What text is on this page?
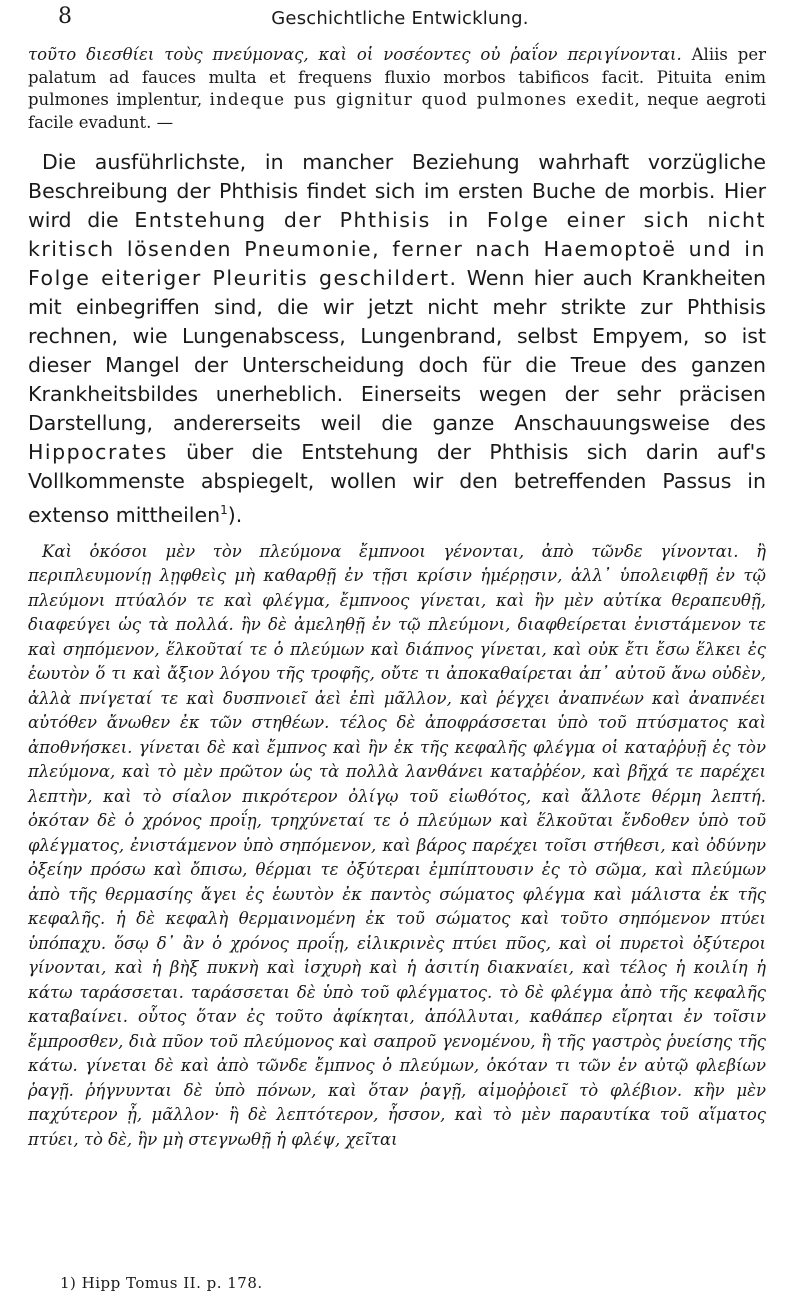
8	Geschichtliche Entwicklung.

τοῦτο διεσθίει τοὺς πνεύμονας, καὶ οἱ νοσέοντες οὐ ῥαΐον περιγίνονται. Aliis per palatum ad fauces multa et frequens fluxio morbos tabificos facit. Pituita enim pulmones implentur, indeque pus gignitur quod pulmones exedit, neque aegroti facile evadunt. —

Die ausführlichste, in mancher Beziehung wahrhaft vorzügliche Beschreibung der Phthisis findet sich im ersten Buche de morbis. Hier wird die Entstehung der Phthisis in Folge einer sich nicht kritisch lösenden Pneumonie, ferner nach Haemoptoë und in Folge eiteriger Pleuritis geschildert. Wenn hier auch Krankheiten mit einbegriffen sind, die wir jetzt nicht mehr strikte zur Phthisis rechnen, wie Lungenabscess, Lungenbrand, selbst Empyem, so ist dieser Mangel der Unterscheidung doch für die Treue des ganzen Krankheitsbildes unerheblich. Einerseits wegen der sehr präcisen Darstellung, andererseits weil die ganze Anschauungsweise des Hippocrates über die Entstehung der Phthisis sich darin auf's Vollkommenste abspiegelt, wollen wir den betreffenden Passus in extenso mittheilen$^1$).

Καὶ ὁκόσοι μὲν τὸν πλεύμονα ἔμπνοοι γένονται, ἀπὸ τῶνδε γίνονται. ἢ περιπλευμονίῃ λῃφθεὶς μὴ καθαρθῇ ἐν τῇσι κρίσιν ἡμέρῃσιν, ἀλλ᾽ ὑπολειφθῇ ἐν τῷ πλεύμονι πτύαλόν τε καὶ φλέγμα, ἔμπνοος γίνεται, καὶ ἢν μὲν αὐτίκα θεραπευθῇ, διαφεύγει ὡς τὰ πολλά. ἢν δὲ ἀμεληθῇ ἐν τῷ πλεύμονι, διαφθείρεται ἐνιστάμενον τε καὶ σηπόμενον, ἕλκοῦταί τε ὁ πλεύμων καὶ διάπνος γίνεται, καὶ οὐκ ἔτι ἔσω ἕλκει ἐς ἑωυτὸν ὅ τι καὶ ἄξιον λόγου τῆς τροφῆς, οὔτε τι ἀποκαθαίρεται ἀπ᾽ αὐτοῦ ἄνω οὐδὲν, ἀλλὰ πνίγεταί τε καὶ δυσπνοιεῖ ἀεὶ ἐπὶ μᾶλλον, καὶ ῥέγχει ἀναπνέων καὶ ἀναπνέει αὐτόθεν ἄνωθεν ἐκ τῶν στηθέων. τέλος δὲ ἀποφράσσεται ὑπὸ τοῦ πτύσματος καὶ ἀποθνήσκει. γίνεται δὲ καὶ ἔμπνος καὶ ἢν ἐκ τῆς κεφαλῆς φλέγμα οἱ καταῤῥυῇ ἐς τὸν πλεύμονα, καὶ τὸ μὲν πρῶτον ὡς τὰ πολλὰ λανθάνει καταῤῥέον, καὶ βῆχά τε παρέχει λεπτὴν, καὶ τὸ σίαλον πικρότερον ὀλίγῳ τοῦ εἰωθότος, καὶ ἄλλοτε θέρμη λεπτή. ὁκόταν δὲ ὁ χρόνος προΐῃ, τρηχύνεταί τε ὁ πλεύμων καὶ ἕλκοῦται ἔνδοθεν ὑπὸ τοῦ φλέγματος, ἐνιστάμενον ὑπὸ σηπόμενον, καὶ βάρος παρέχει τοῖσι στήθεσι, καὶ ὀδύνην ὀξείην πρόσω καὶ ὄπισω, θέρμαι τε ὀξύτεραι ἐμπίπτουσιν ἐς τὸ σῶμα, καὶ πλεύμων ἀπὸ τῆς θερμασίης ἄγει ἐς ἑωυτὸν ἐκ παντὸς σώματος φλέγμα καὶ μάλιστα ἐκ τῆς κεφαλῆς. ἡ δὲ κεφαλὴ θερμαινομένη ἐκ τοῦ σώματος καὶ τοῦτο σηπόμενον πτύει ὑπόπαχυ. ὅσῳ δ᾽ ἂν ὁ χρόνος προΐῃ, εἱλικρινὲς πτύει πῦος, καὶ οἱ πυρετοὶ ὀξύτεροι γίνονται, καὶ ἡ βὴξ πυκνὴ καὶ ἰσχυρὴ καὶ ἡ ἀσιτίη διακναίει, καὶ τέλος ἡ κοιλίη ἡ κάτω ταράσσεται. ταράσσεται δὲ ὑπὸ τοῦ φλέγματος. τὸ δὲ φλέγμα ἀπὸ τῆς κεφαλῆς καταβαίνει. οὗτος ὅταν ἐς τοῦτο ἀφίκηται, ἀπόλλυται, καθάπερ εἴρηται ἐν τοῖσιν ἔμπροσθεν, διὰ πῦον τοῦ πλεύμονος καὶ σαπροῦ γενομένου, ἢ τῆς γαστρὸς ῥυείσης τῆς κάτω. γίνεται δὲ καὶ ἀπὸ τῶνδε ἔμπνος ὁ πλεύμων, ὁκόταν τι τῶν ἐν αὐτῷ φλεβίων ῥαγῇ. ῥήγνυνται δὲ ὑπὸ πόνων, καὶ ὅταν ῥαγῇ, αἱμοῤῥοιεῖ τὸ φλέβιον. κἢν μὲν παχύτερον ᾖ, μᾶλλον· ἢ δὲ λεπτότερον, ἧσσον, καὶ τὸ μὲν παραυτίκα τοῦ αἵματος πτύει, τὸ δὲ, ἢν μὴ στεγνωθῇ ἡ φλέψ, χεῖται

1) Hipp Tomus II. p. 178.
